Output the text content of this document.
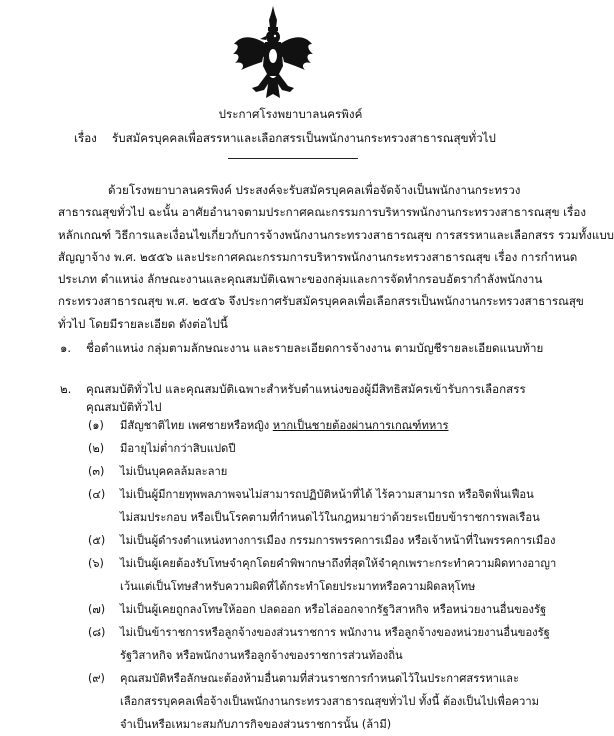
ประกาศโรงพยาบาลนครพิงค์
เรื่อง รับสมัครบุคคลเพื่อสรรหาและเลือกสรรเป็นพนักงานกระทรวงสาธารณสุขทั่วไป
ด้วยโรงพยาบาลนครพิงค์ ประสงค์จะรับสมัครบุคคลเพื่อจัดจ้างเป็นพนักงานกระทรวง
สาธารณสุขทั่วไป ฉะนั้น อาศัยอำนาจตามประกาศคณะกรรมการบริหารพนักงานกระทรวงสาธารณสุข เรื่อง
หลักเกณฑ์ วิธีการและเงื่อนไขเกี่ยวกับการจ้างพนักงานกระทรวงสาธารณสุข การสรรหาและเลือกสรร รวมทั้งแบบ
สัญญาจ้าง พ.ศ. ๒๕๕๖ และประกาศคณะกรรมการบริหารพนักงานกระทรวงสาธารณสุข เรื่อง การกำหนด
ประเภท ตำแหน่ง ลักษณะงานและคุณสมบัติเฉพาะของกลุ่มและการจัดทำกรอบอัตรากำลังพนักงาน
กระทรวงสาธารณสุข พ.ศ. ๒๕๕๖ จึงประกาศรับสมัครบุคคลเพื่อเลือกสรรเป็นพนักงานกระทรวงสาธารณสุข
ทั่วไป โดยมีรายละเอียด ดังต่อไปนี้
๑. ชื่อตำแหน่ง กลุ่มตามลักษณะงาน และรายละเอียดการจ้างงาน ตามบัญชีรายละเอียดแนบท้าย
๒. คุณสมบัติทั่วไป และคุณสมบัติเฉพาะสำหรับตำแหน่งของผู้มีสิทธิสมัครเข้ารับการเลือกสรร
คุณสมบัติทั่วไป
(๑) มีสัญชาติไทย เพศชายหรือหญิง หากเป็นชายต้องผ่านการเกณฑ์ทหาร
(๒) มีอายุไม่ต่ำกว่าสิบแปดปี
(๓) ไม่เป็นบุคคลล้มละลาย
(๔) ไม่เป็นผู้มีกายทุพพลภาพจนไม่สามารถปฏิบัติหน้าที่ได้ ไร้ความสามารถ หรือจิตฟั่นเฟือน
ไม่สมประกอบ หรือเป็นโรคตามที่กำหนดไว้ในกฎหมายว่าด้วยระเบียบข้าราชการพลเรือน
(๕) ไม่เป็นผู้ดำรงตำแหน่งทางการเมือง กรรมการพรรคการเมือง หรือเจ้าหน้าที่ในพรรคการเมือง
(๖) ไม่เป็นผู้เคยต้องรับโทษจำคุกโดยคำพิพากษาถึงที่สุดให้จำคุกเพราะกระทำความผิดทางอาญา
เว้นแต่เป็นโทษสำหรับความผิดที่ได้กระทำโดยประมาทหรือความผิดลหุโทษ
(๗) ไม่เป็นผู้เคยถูกลงโทษให้ออก ปลดออก หรือไล่ออกจากรัฐวิสาหกิจ หรือหน่วยงานอื่นของรัฐ
(๘) ไม่เป็นข้าราชการหรือลูกจ้างของส่วนราชการ พนักงาน หรือลูกจ้างของหน่วยงานอื่นของรัฐ
รัฐวิสาหกิจ หรือพนักงานหรือลูกจ้างของราชการส่วนท้องถิ่น
(๙) คุณสมบัติหรือลักษณะต้องห้ามอื่นตามที่ส่วนราชการกำหนดไว้ในประกาศสรรหาและ
เลือกสรรบุคคลเพื่อจ้างเป็นพนักงานกระทรวงสาธารณสุขทั่วไป ทั้งนี้ ต้องเป็นไปเพื่อความ
จำเป็นหรือเหมาะสมกับภารกิจของส่วนราชการนั้น (ล้ามี)
